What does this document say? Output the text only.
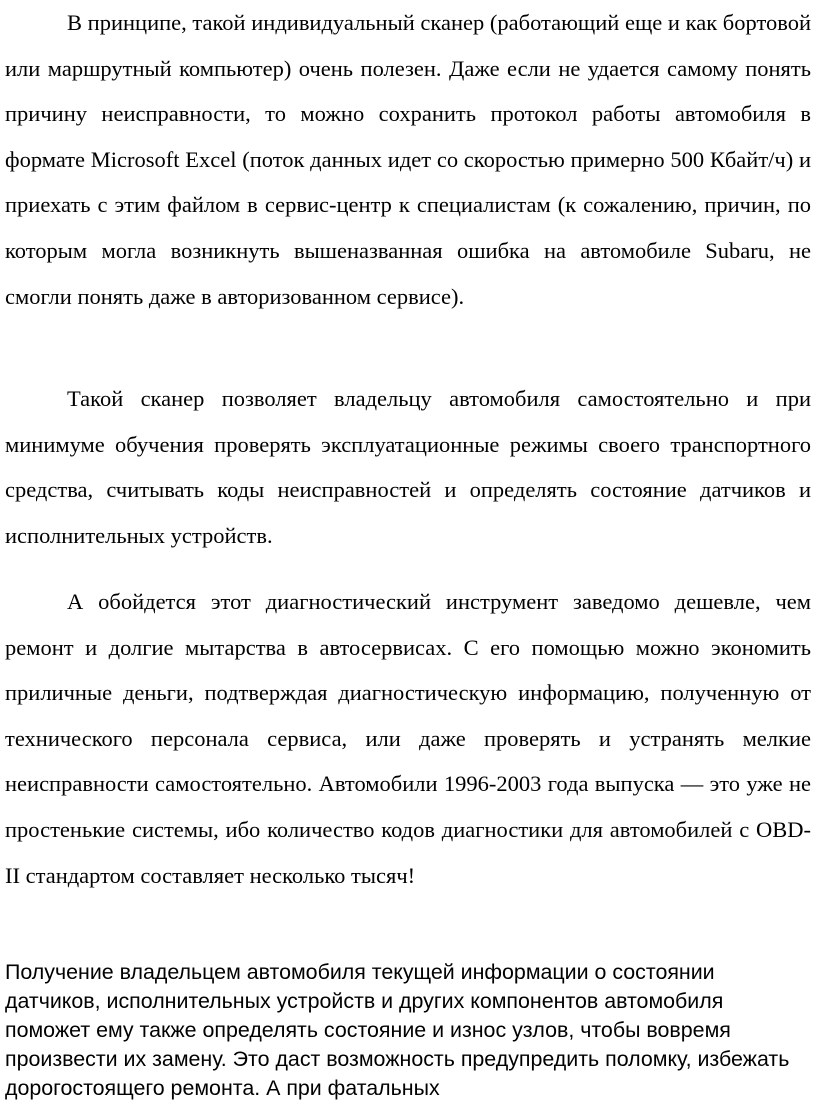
В принципе, такой индивидуальный сканер (работающий еще и как бортовой или маршрутный компьютер) очень полезен. Даже если не удается самому понять причину неисправности, то можно сохранить протокол работы автомобиля в формате Microsoft Excel (поток данных идет со скоростью примерно 500 Кбайт/ч) и приехать с этим файлом в сервис-центр к специалистам (к сожалению, причин, по которым могла возникнуть вышеназванная ошибка на автомобиле Subaru, не смогли понять даже в авторизованном сервисе).

Такой сканер позволяет владельцу автомобиля самостоятельно и при минимуме обучения проверять эксплуатационные режимы своего транспортного средства, считывать коды неисправностей и определять состояние датчиков и исполнительных устройств.

А обойдется этот диагностический инструмент заведомо дешевле, чем ремонт и долгие мытарства в автосервисах. С его помощью можно экономить приличные деньги, подтверждая диагностическую информацию, полученную от технического персонала сервиса, или даже проверять и устранять мелкие неисправности самостоятельно. Автомобили 1996-2003 года выпуска — это уже не простенькие системы, ибо количество кодов диагностики для автомобилей с OBD-II стандартом составляет несколько тысяч!

Получение владельцем автомобиля текущей информации о состоянии датчиков, исполнительных устройств и других компонентов автомобиля поможет ему также определять состояние и износ узлов, чтобы вовремя произвести их замену. Это даст возможность предупредить поломку, избежать дорогостоящего ремонта. А при фатальных
